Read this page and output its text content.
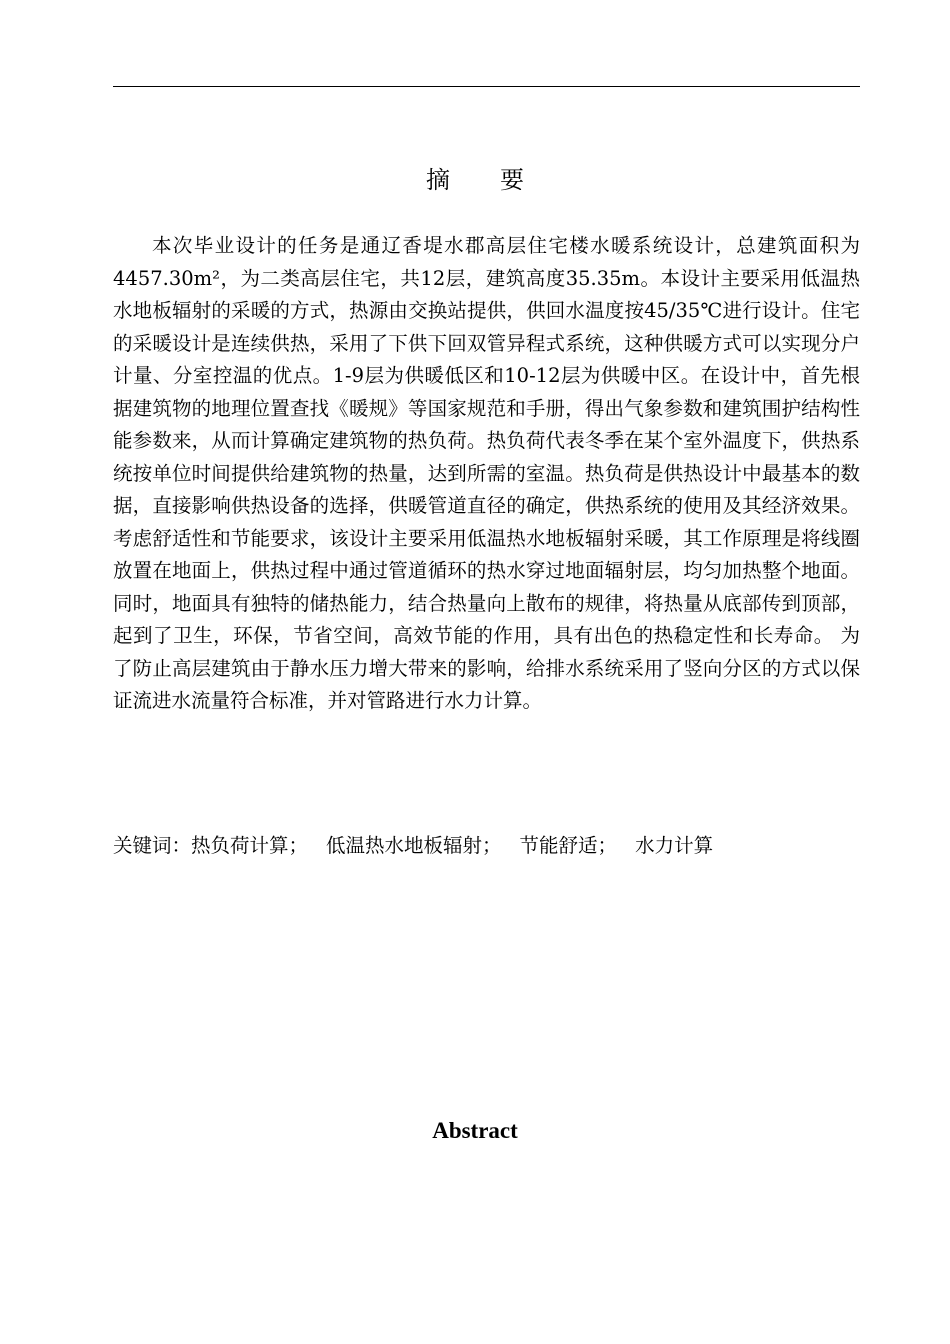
摘 要

本次毕业设计的任务是通辽香堤水郡高层住宅楼水暖系统设计，总建筑面积为4457.30m²，为二类高层住宅，共12层，建筑高度35.35m。本设计主要采用低温热水地板辐射的采暖的方式，热源由交换站提供，供回水温度按45/35℃进行设计。住宅的采暖设计是连续供热，采用了下供下回双管异程式系统，这种供暖方式可以实现分户计量、分室控温的优点。1-9层为供暖低区和10-12层为供暖中区。在设计中，首先根据建筑物的地理位置查找《暖规》等国家规范和手册，得出气象参数和建筑围护结构性能参数来，从而计算确定建筑物的热负荷。热负荷代表冬季在某个室外温度下，供热系统按单位时间提供给建筑物的热量，达到所需的室温。热负荷是供热设计中最基本的数据，直接影响供热设备的选择，供暖管道直径的确定，供热系统的使用及其经济效果。考虑舒适性和节能要求，该设计主要采用低温热水地板辐射采暖，其工作原理是将线圈放置在地面上，供热过程中通过管道循环的热水穿过地面辐射层，均匀加热整个地面。同时，地面具有独特的储热能力，结合热量向上散布的规律，将热量从底部传到顶部，起到了卫生，环保，节省空间，高效节能的作用，具有出色的热稳定性和长寿命。 为了防止高层建筑由于静水压力增大带来的影响，给排水系统采用了竖向分区的方式以保证流进水流量符合标准，并对管路进行水力计算。

关键词：热负荷计算； 低温热水地板辐射； 节能舒适； 水力计算

Abstract
